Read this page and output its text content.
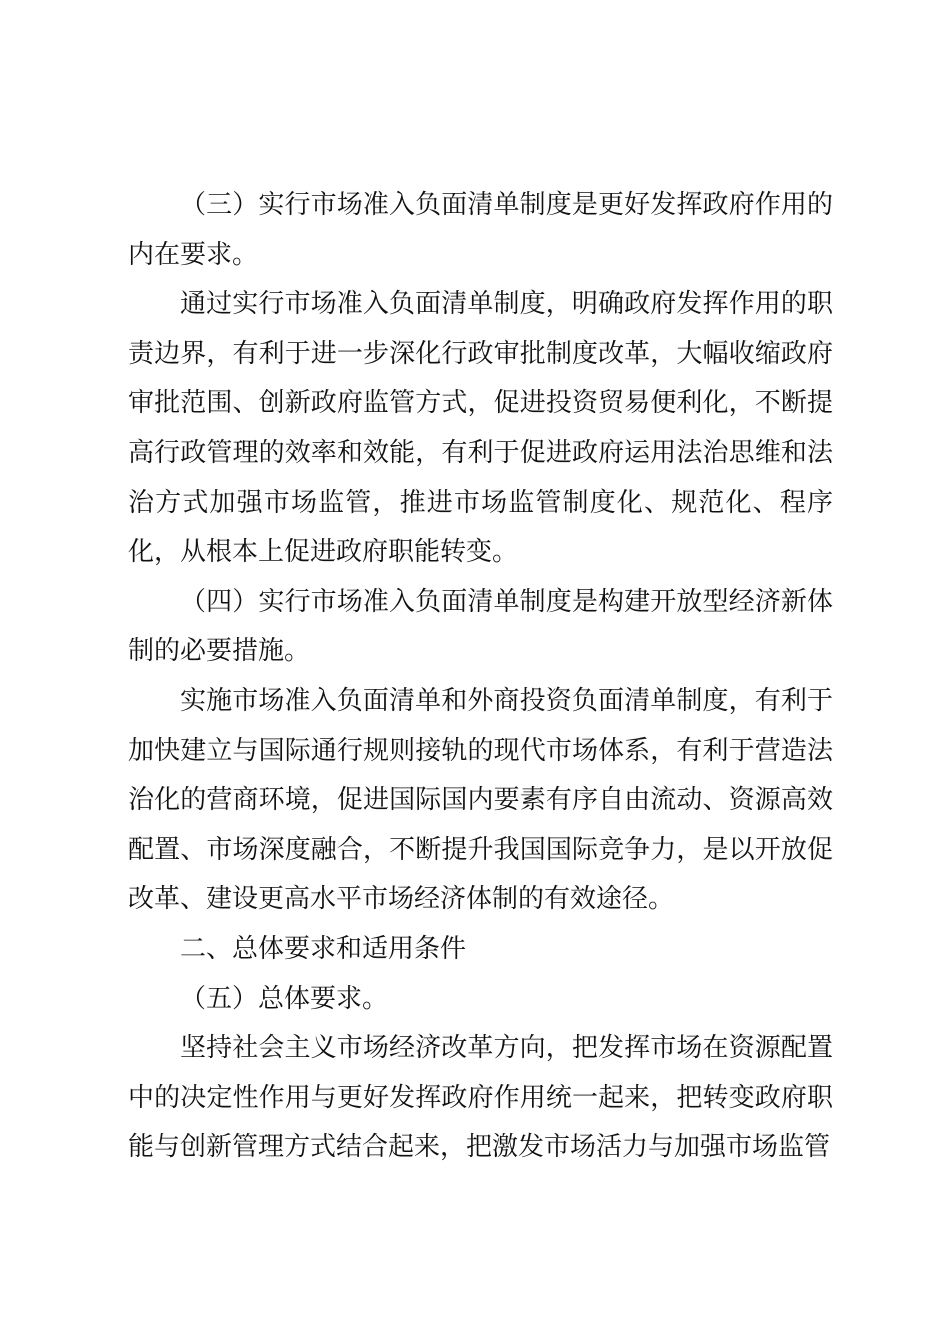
（三）实行市场准入负面清单制度是更好发挥政府作用的内在要求。

通过实行市场准入负面清单制度，明确政府发挥作用的职责边界，有利于进一步深化行政审批制度改革，大幅收缩政府审批范围、创新政府监管方式，促进投资贸易便利化，不断提高行政管理的效率和效能，有利于促进政府运用法治思维和法治方式加强市场监管，推进市场监管制度化、规范化、程序化，从根本上促进政府职能转变。

（四）实行市场准入负面清单制度是构建开放型经济新体制的必要措施。

实施市场准入负面清单和外商投资负面清单制度，有利于加快建立与国际通行规则接轨的现代市场体系，有利于营造法治化的营商环境，促进国际国内要素有序自由流动、资源高效配置、市场深度融合，不断提升我国国际竞争力，是以开放促改革、建设更高水平市场经济体制的有效途径。

二、总体要求和适用条件

（五）总体要求。

坚持社会主义市场经济改革方向，把发挥市场在资源配置中的决定性作用与更好发挥政府作用统一起来，把转变政府职能与创新管理方式结合起来，把激发市场活力与加强市场监管
